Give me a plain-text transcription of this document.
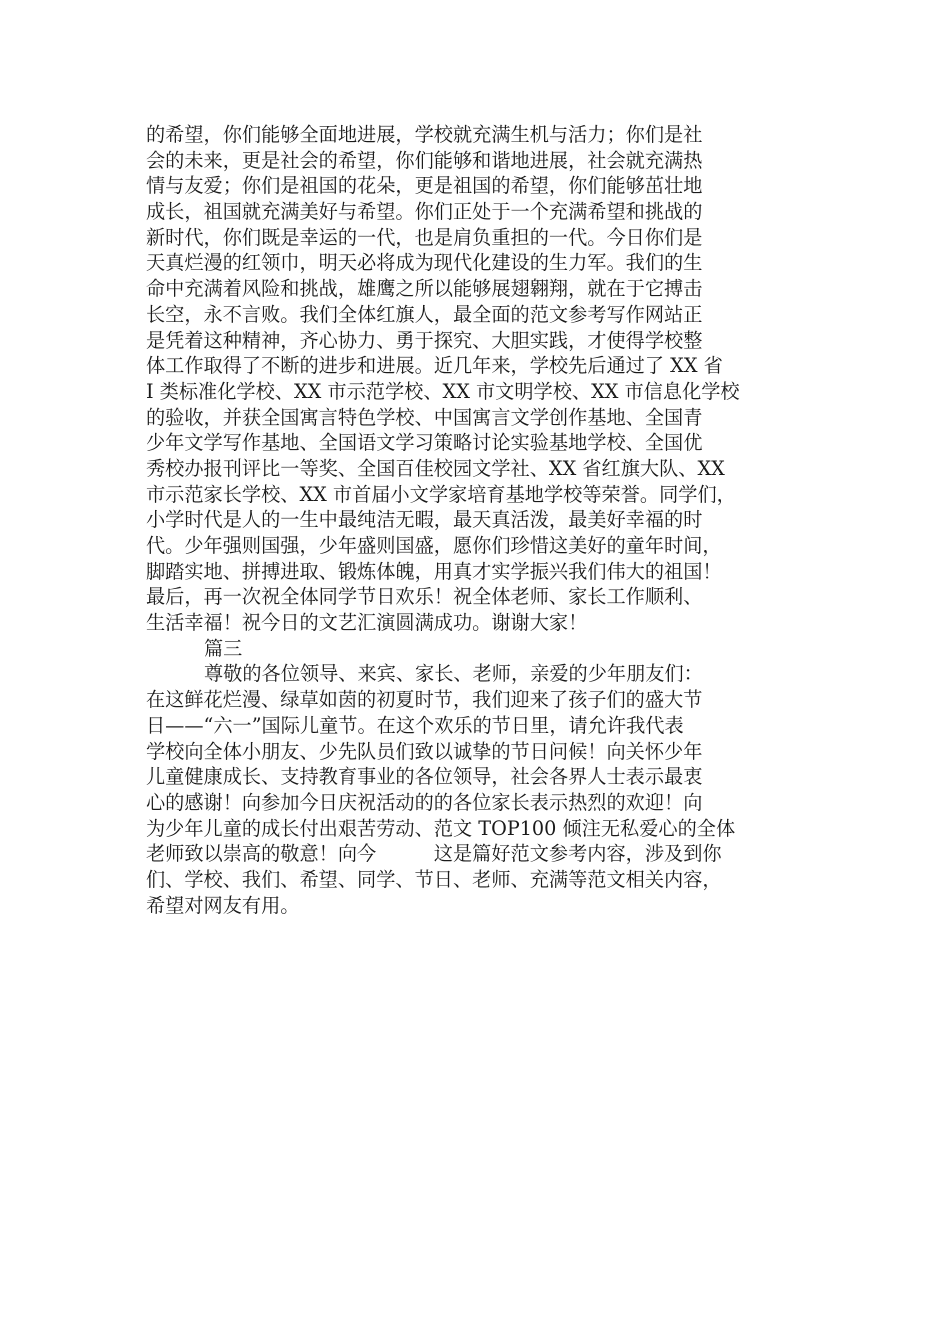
的希望，你们能够全面地进展，学校就充满生机与活力；你们是社
会的未来，更是社会的希望，你们能够和谐地进展，社会就充满热
情与友爱；你们是祖国的花朵，更是祖国的希望，你们能够茁壮地
成长，祖国就充满美好与希望。你们正处于一个充满希望和挑战的
新时代，你们既是幸运的一代，也是肩负重担的一代。今日你们是
天真烂漫的红领巾，明天必将成为现代化建设的生力军。我们的生
命中充满着风险和挑战，雄鹰之所以能够展翅翱翔，就在于它搏击
长空，永不言败。我们全体红旗人，最全面的范文参考写作网站正
是凭着这种精神，齐心协力、勇于探究、大胆实践，才使得学校整
体工作取得了不断的进步和进展。近几年来，学校先后通过了 XX 省
I 类标准化学校、XX 市示范学校、XX 市文明学校、XX 市信息化学校
的验收，并获全国寓言特色学校、中国寓言文学创作基地、全国青
少年文学写作基地、全国语文学习策略讨论实验基地学校、全国优
秀校办报刊评比一等奖、全国百佳校园文学社、XX 省红旗大队、XX
市示范家长学校、XX 市首届小文学家培育基地学校等荣誉。同学们，
小学时代是人的一生中最纯洁无暇，最天真活泼，最美好幸福的时
代。少年强则国强，少年盛则国盛，愿你们珍惜这美好的童年时间，
脚踏实地、拼搏进取、锻炼体魄，用真才实学振兴我们伟大的祖国！
最后，再一次祝全体同学节日欢乐！祝全体老师、家长工作顺利、
生活幸福！祝今日的文艺汇演圆满成功。谢谢大家！
篇三
尊敬的各位领导、来宾、家长、老师，亲爱的少年朋友们：
在这鲜花烂漫、绿草如茵的初夏时节，我们迎来了孩子们的盛大节
日——“六一”国际儿童节。在这个欢乐的节日里，请允许我代表
学校向全体小朋友、少先队员们致以诚挚的节日问候！向关怀少年
儿童健康成长、支持教育事业的各位领导，社会各界人士表示最衷
心的感谢！向参加今日庆祝活动的的各位家长表示热烈的欢迎！向
为少年儿童的成长付出艰苦劳动、范文 TOP100 倾注无私爱心的全体
老师致以崇高的敬意！向今　　　这是篇好范文参考内容，涉及到你
们、学校、我们、希望、同学、节日、老师、充满等范文相关内容，
希望对网友有用。
